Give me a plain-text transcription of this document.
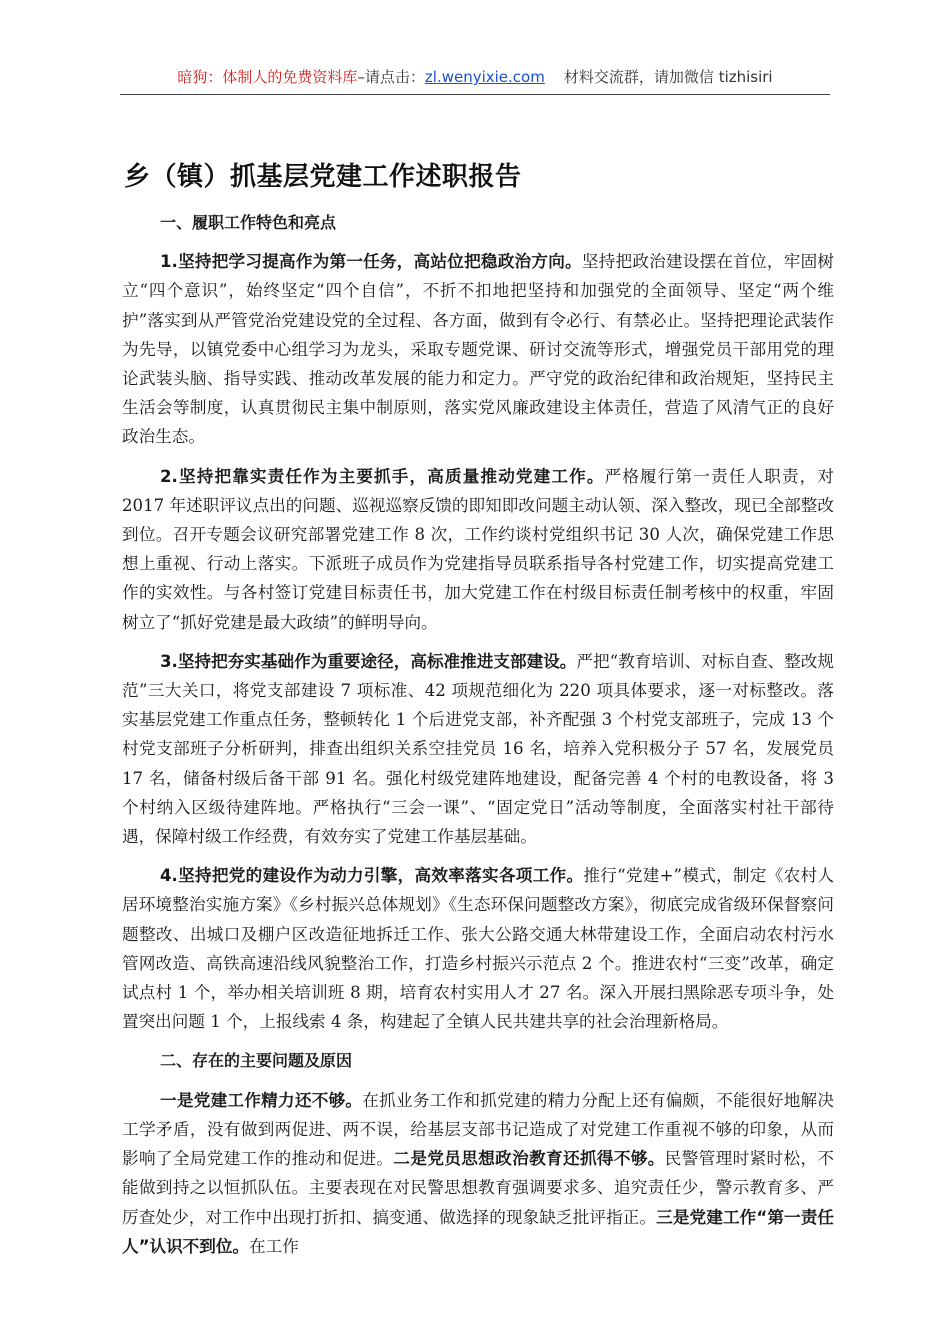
暗狗：体制人的免费资料库–请点击：zl.wenyixie.com 材料交流群，请加微信 tizhisiri
乡（镇）抓基层党建工作述职报告

一、履职工作特色和亮点

1.坚持把学习提高作为第一任务，高站位把稳政治方向。坚持把政治建设摆在首位，牢固树立“四个意识”，始终坚定“四个自信”，不折不扣地把坚持和加强党的全面领导、坚定“两个维护”落实到从严管党治党建设党的全过程、各方面，做到有令必行、有禁必止。坚持把理论武装作为先导，以镇党委中心组学习为龙头，采取专题党课、研讨交流等形式，增强党员干部用党的理论武装头脑、指导实践、推动改革发展的能力和定力。严守党的政治纪律和政治规矩，坚持民主生活会等制度，认真贯彻民主集中制原则，落实党风廉政建设主体责任，营造了风清气正的良好政治生态。

2.坚持把靠实责任作为主要抓手，高质量推动党建工作。严格履行第一责任人职责，对 2017 年述职评议点出的问题、巡视巡察反馈的即知即改问题主动认领、深入整改，现已全部整改到位。召开专题会议研究部署党建工作 8 次，工作约谈村党组织书记 30 人次，确保党建工作思想上重视、行动上落实。下派班子成员作为党建指导员联系指导各村党建工作，切实提高党建工作的实效性。与各村签订党建目标责任书，加大党建工作在村级目标责任制考核中的权重，牢固树立了“抓好党建是最大政绩”的鲜明导向。

3.坚持把夯实基础作为重要途径，高标准推进支部建设。严把“教育培训、对标自查、整改规范”三大关口，将党支部建设 7 项标准、42 项规范细化为 220 项具体要求，逐一对标整改。落实基层党建工作重点任务，整顿转化 1 个后进党支部，补齐配强 3 个村党支部班子，完成 13 个村党支部班子分析研判，排查出组织关系空挂党员 16 名，培养入党积极分子 57 名，发展党员 17 名，储备村级后备干部 91 名。强化村级党建阵地建设，配备完善 4 个村的电教设备，将 3 个村纳入区级待建阵地。严格执行“三会一课”、“固定党日”活动等制度，全面落实村社干部待遇，保障村级工作经费，有效夯实了党建工作基层基础。

4.坚持把党的建设作为动力引擎，高效率落实各项工作。推行“党建+”模式，制定《农村人居环境整治实施方案》《乡村振兴总体规划》《生态环保问题整改方案》，彻底完成省级环保督察问题整改、出城口及棚户区改造征地拆迁工作、张大公路交通大林带建设工作，全面启动农村污水管网改造、高铁高速沿线风貌整治工作，打造乡村振兴示范点 2 个。推进农村“三变”改革，确定试点村 1 个，举办相关培训班 8 期，培育农村实用人才 27 名。深入开展扫黑除恶专项斗争，处置突出问题 1 个，上报线索 4 条，构建起了全镇人民共建共享的社会治理新格局。

二、存在的主要问题及原因

一是党建工作精力还不够。在抓业务工作和抓党建的精力分配上还有偏颇，不能很好地解决工学矛盾，没有做到两促进、两不误，给基层支部书记造成了对党建工作重视不够的印象，从而影响了全局党建工作的推动和促进。二是党员思想政治教育还抓得不够。民警管理时紧时松，不能做到持之以恒抓队伍。主要表现在对民警思想教育强调要求多、追究责任少，警示教育多、严厉查处少，对工作中出现打折扣、搞变通、做选择的现象缺乏批评指正。三是党建工作“第一责任人”认识不到位。在工作
